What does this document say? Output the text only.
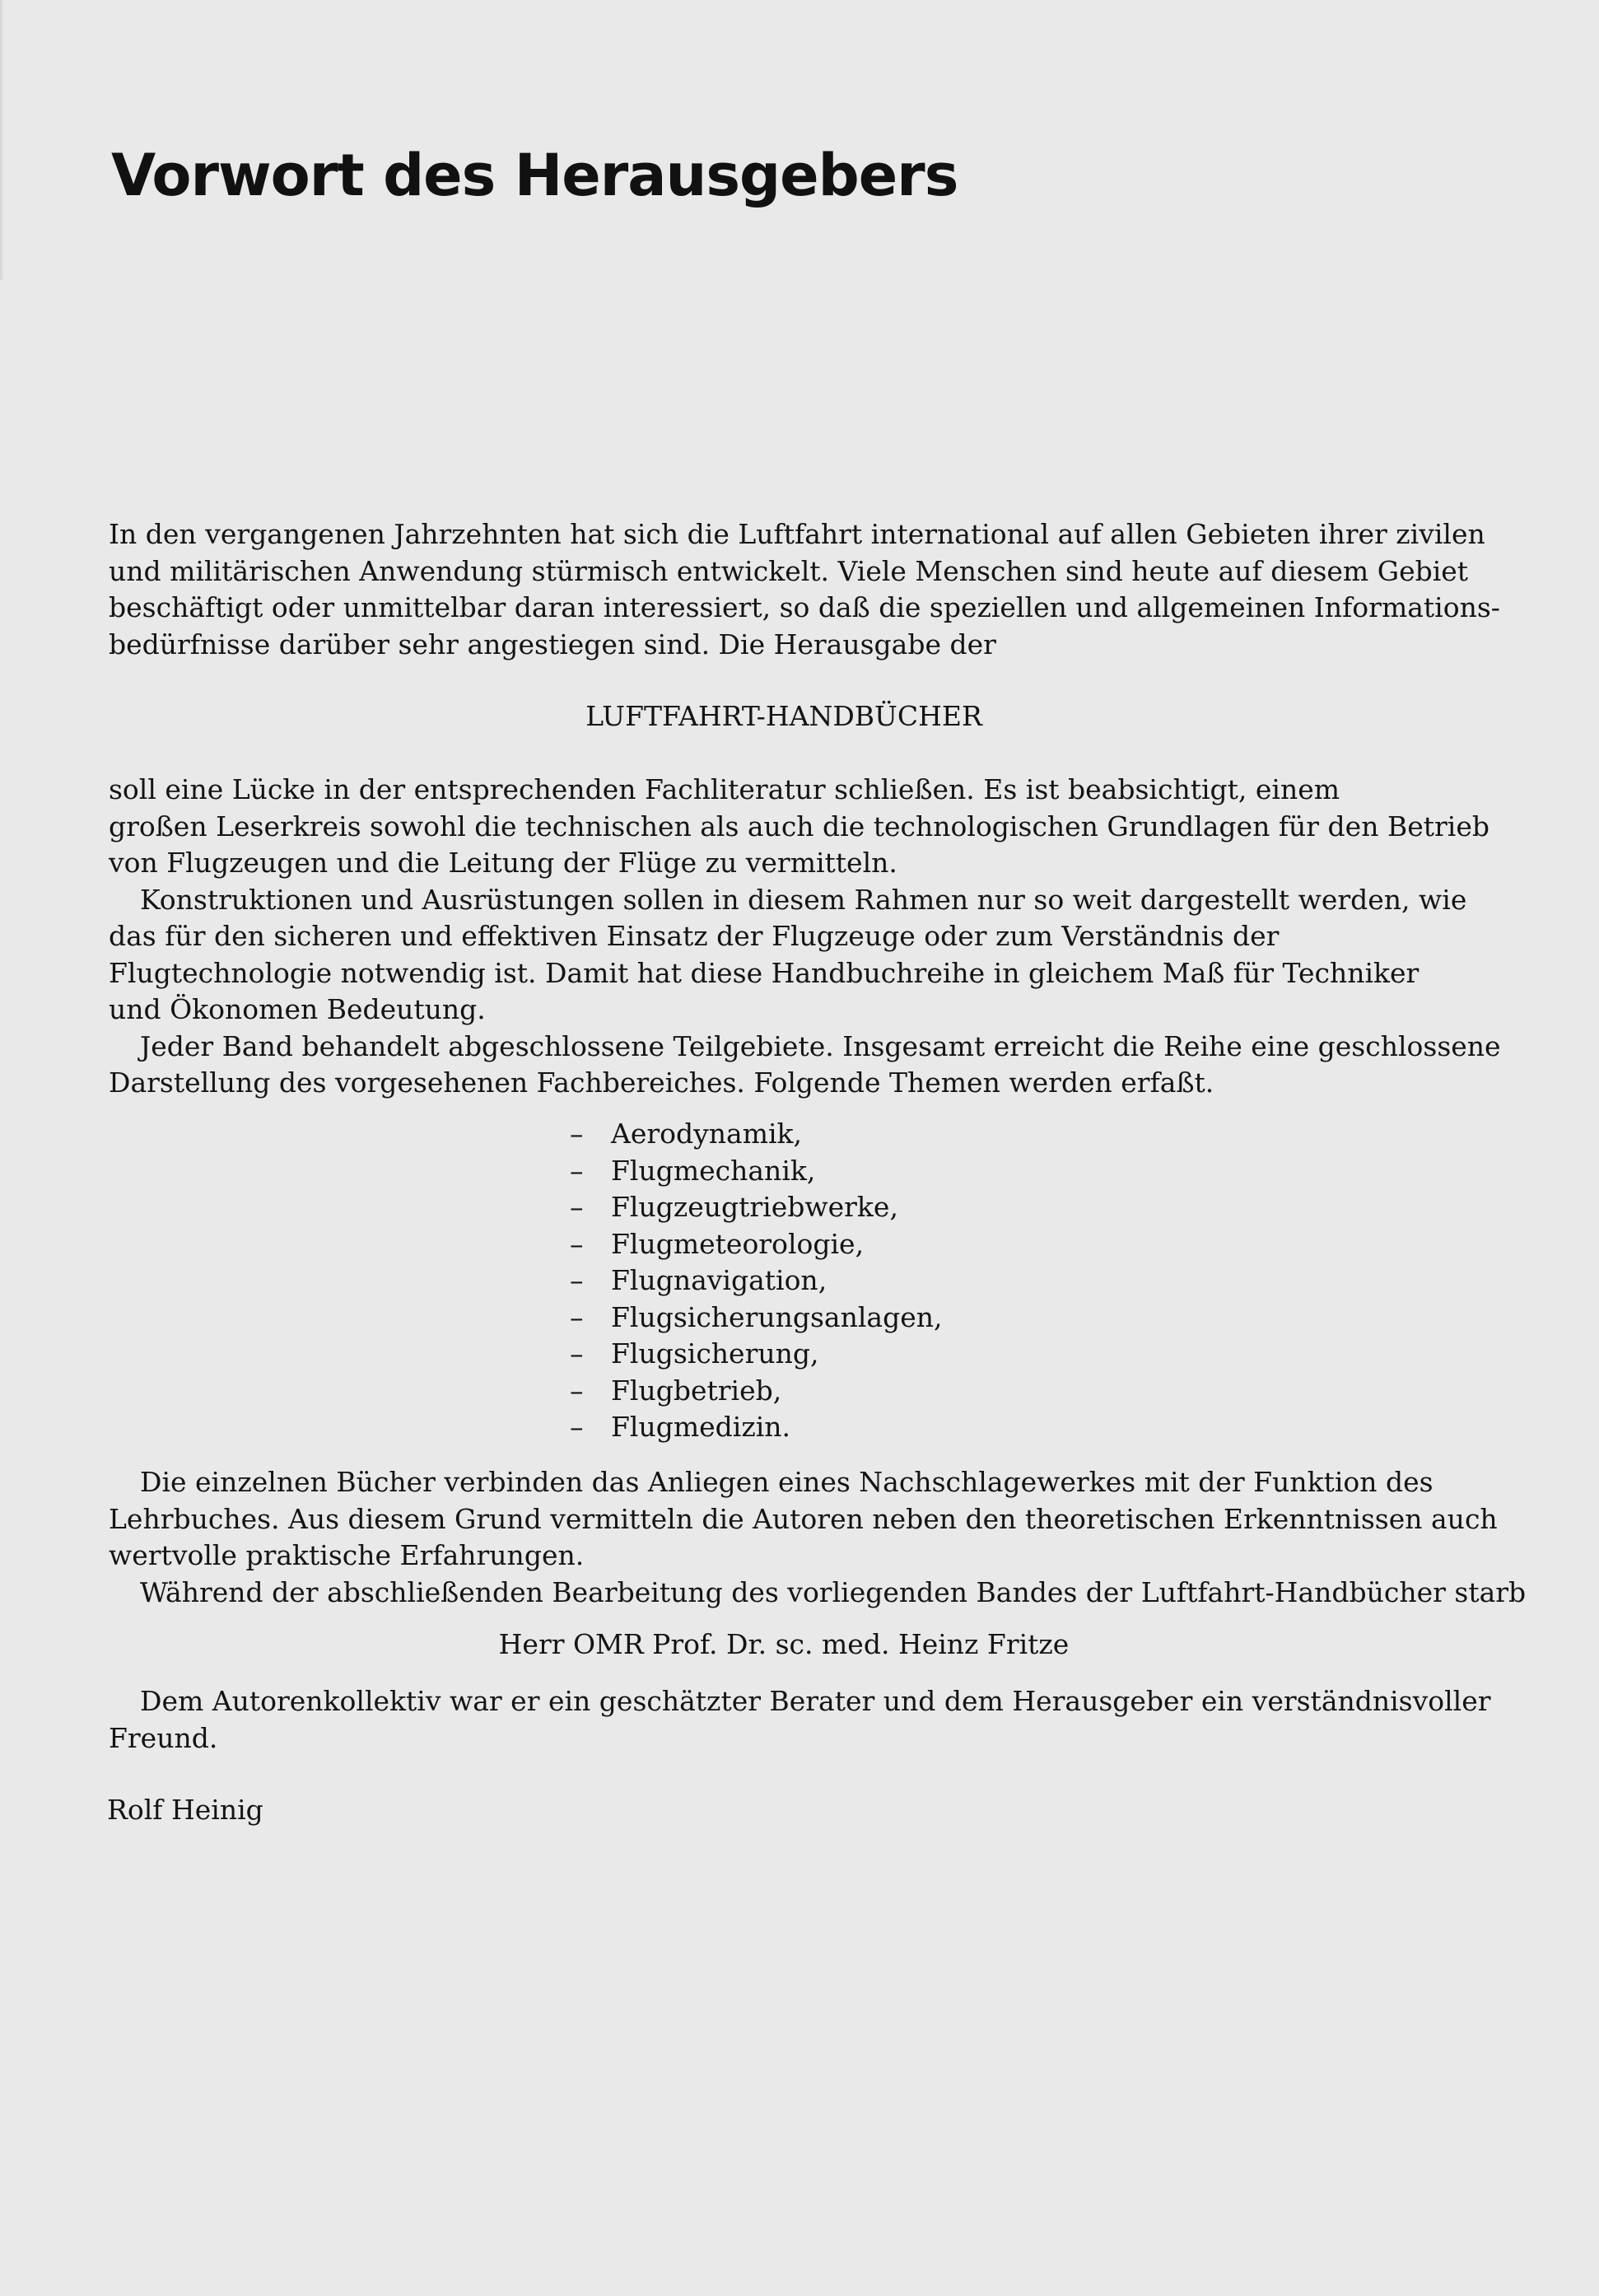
Vorwort des Herausgebers

In den vergangenen Jahrzehnten hat sich die Luftfahrt international auf allen Gebieten ihrer zivilen
und militärischen Anwendung stürmisch entwickelt. Viele Menschen sind heute auf diesem Gebiet
beschäftigt oder unmittelbar daran interessiert, so daß die speziellen und allgemeinen Informations-
bedürfnisse darüber sehr angestiegen sind. Die Herausgabe der

LUFTFAHRT-HANDBÜCHER

soll eine Lücke in der entsprechenden Fachliteratur schließen. Es ist beabsichtigt, einem
großen Leserkreis sowohl die technischen als auch die technologischen Grundlagen für den Betrieb
von Flugzeugen und die Leitung der Flüge zu vermitteln.

Konstruktionen und Ausrüstungen sollen in diesem Rahmen nur so weit dargestellt werden, wie
das für den sicheren und effektiven Einsatz der Flugzeuge oder zum Verständnis der
Flugtechnologie notwendig ist. Damit hat diese Handbuchreihe in gleichem Maß für Techniker
und Ökonomen Bedeutung.

Jeder Band behandelt abgeschlossene Teilgebiete. Insgesamt erreicht die Reihe eine geschlossene
Darstellung des vorgesehenen Fachbereiches. Folgende Themen werden erfaßt.

– Aerodynamik,
– Flugmechanik,
– Flugzeugtriebwerke,
– Flugmeteorologie,
– Flugnavigation,
– Flugsicherungsanlagen,
– Flugsicherung,
– Flugbetrieb,
– Flugmedizin.

Die einzelnen Bücher verbinden das Anliegen eines Nachschlagewerkes mit der Funktion des
Lehrbuches. Aus diesem Grund vermitteln die Autoren neben den theoretischen Erkenntnissen auch
wertvolle praktische Erfahrungen.

Während der abschließenden Bearbeitung des vorliegenden Bandes der Luftfahrt-Handbücher starb

Herr OMR Prof. Dr. sc. med. Heinz Fritze

Dem Autorenkollektiv war er ein geschätzter Berater und dem Herausgeber ein verständnisvoller
Freund.

Rolf Heinig
